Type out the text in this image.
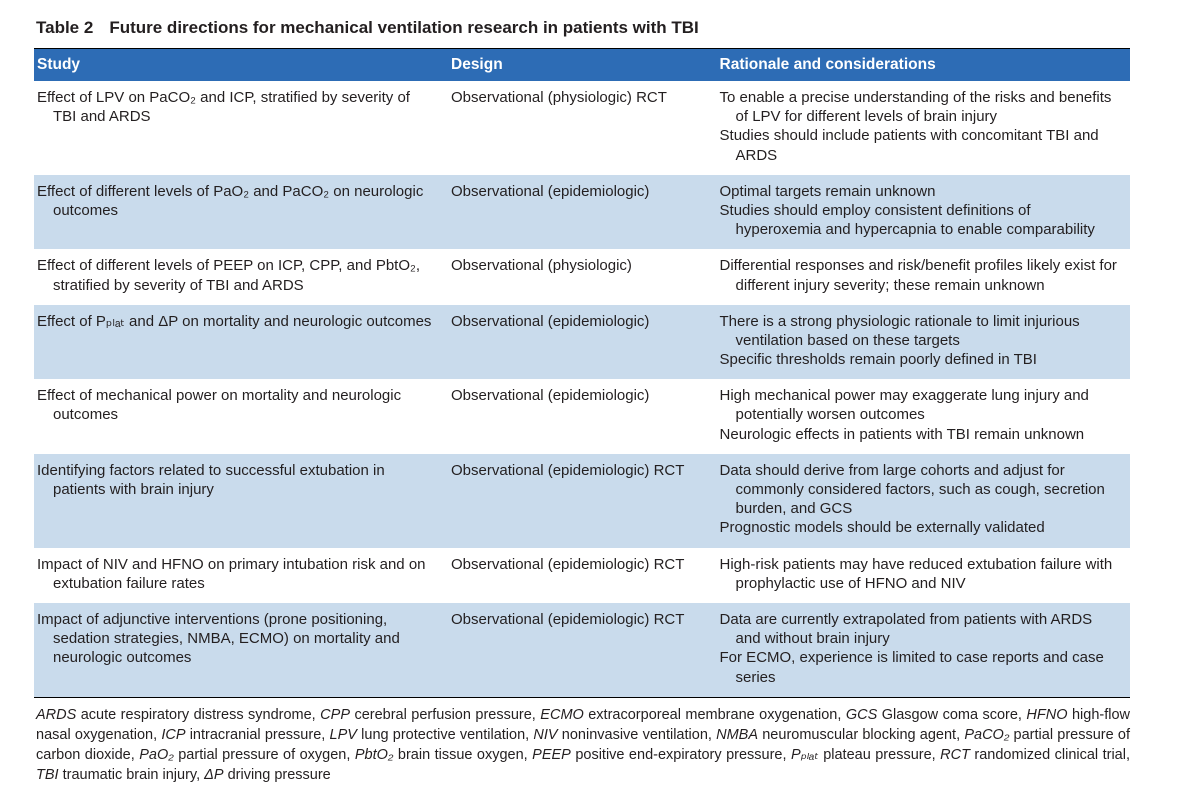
Table 2 Future directions for mechanical ventilation research in patients with TBI
Study	Design	Rationale and considerations

Effect of LPV on PaCO₂ and ICP, stratified by severity of TBI and ARDS	Observational (physiologic) RCT	To enable a precise understanding of the risks and benefits of LPV for different levels of brain injury

Studies should include patients with concomitant TBI and ARDS

Effect of different levels of PaO₂ and PaCO₂ on neurologic outcomes	Observational (epidemiologic)	Optimal targets remain unknown

Studies should employ consistent definitions of hyperoxemia and hypercapnia to enable comparability

Effect of different levels of PEEP on ICP, CPP, and PbtO₂, stratified by severity of TBI and ARDS	Observational (physiologic)	Differential responses and risk/benefit profiles likely exist for different injury severity; these remain unknown

Effect of Pₚₗₐₜ and ΔP on mortality and neurologic outcomes	Observational (epidemiologic)	There is a strong physiologic rationale to limit injurious ventilation based on these targets

Specific thresholds remain poorly defined in TBI

Effect of mechanical power on mortality and neurologic outcomes	Observational (epidemiologic)	High mechanical power may exaggerate lung injury and potentially worsen outcomes

Neurologic effects in patients with TBI remain unknown

Identifying factors related to successful extubation in patients with brain injury	Observational (epidemiologic) RCT	Data should derive from large cohorts and adjust for commonly considered factors, such as cough, secretion burden, and GCS

Prognostic models should be externally validated

Impact of NIV and HFNO on primary intubation risk and on extubation failure rates	Observational (epidemiologic) RCT	High-risk patients may have reduced extubation failure with prophylactic use of HFNO and NIV

Impact of adjunctive interventions (prone positioning, sedation strategies, NMBA, ECMO) on mortality and neurologic outcomes	Observational (epidemiologic) RCT	Data are currently extrapolated from patients with ARDS and without brain injury

For ECMO, experience is limited to case reports and case series

ARDS acute respiratory distress syndrome, CPP cerebral perfusion pressure, ECMO extracorporeal membrane oxygenation, GCS Glasgow coma score, HFNO high-flow nasal oxygenation, ICP intracranial pressure, LPV lung protective ventilation, NIV noninvasive ventilation, NMBA neuromuscular blocking agent, PaCO₂ partial pressure of carbon dioxide, PaO₂ partial pressure of oxygen, PbtO₂ brain tissue oxygen, PEEP positive end-expiratory pressure, Pₚₗₐₜ plateau pressure, RCT randomized clinical trial, TBI traumatic brain injury, ΔP driving pressure
